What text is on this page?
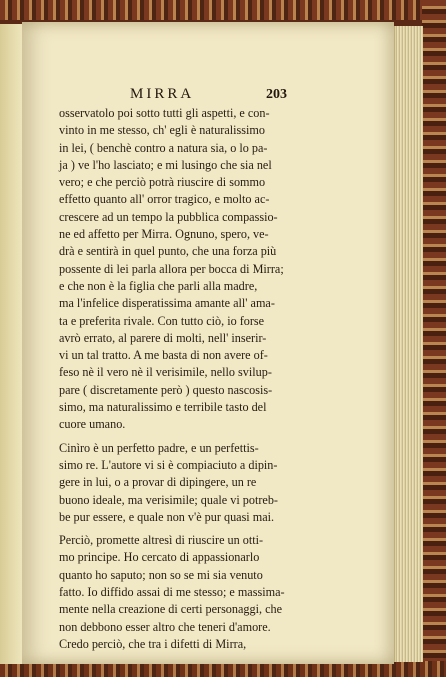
MIRRA	203
osservatolo poi sotto tutti gli aspetti, e con-
vinto in me stesso, ch' egli è naturalissimo
in lei, ( benchè contro a natura sia, o lo pa-
ja ) ve l'ho lasciato; e mi lusingo che sia nel
vero; e che perciò potrà riuscire di sommo
effetto quanto all' orror tragico, e molto ac-
crescere ad un tempo la pubblica compassio-
ne ed affetto per Mirra. Ognuno, spero, ve-
drà e sentirà in quel punto, che una forza più
possente di lei parla allora per bocca di Mirra;
e che non è la figlia che parli alla madre,
ma l'infelice disperatissima amante all' ama-
ta e preferita rivale. Con tutto ciò, io forse
avrò errato, al parere di molti, nell' inserir-
vi un tal tratto. A me basta di non avere of-
feso nè il vero nè il verisimile, nello svilup-
pare ( discretamente però ) questo nascosis-
simo, ma naturalissimo e terribile tasto del
cuore umano.
Cinìro è un perfetto padre, e un perfettis-
simo re. L'autore vi si è compiaciuto a dipin-
gere in lui, o a provar di dipingere, un re
buono ideale, ma verisimile; quale vi potreb-
be pur essere, e quale non v'è pur quasi mai.
Perciò, promette altresì di riuscire un otti-
mo principe. Ho cercato di appassionarlo
quanto ho saputo; non so se mi sia venuto
fatto. Io diffido assai di me stesso; e massima-
mente nella creazione di certi personaggi, che
non debbono esser altro che teneri d'amore.
Credo perciò, che tra i difetti di Mirra,
